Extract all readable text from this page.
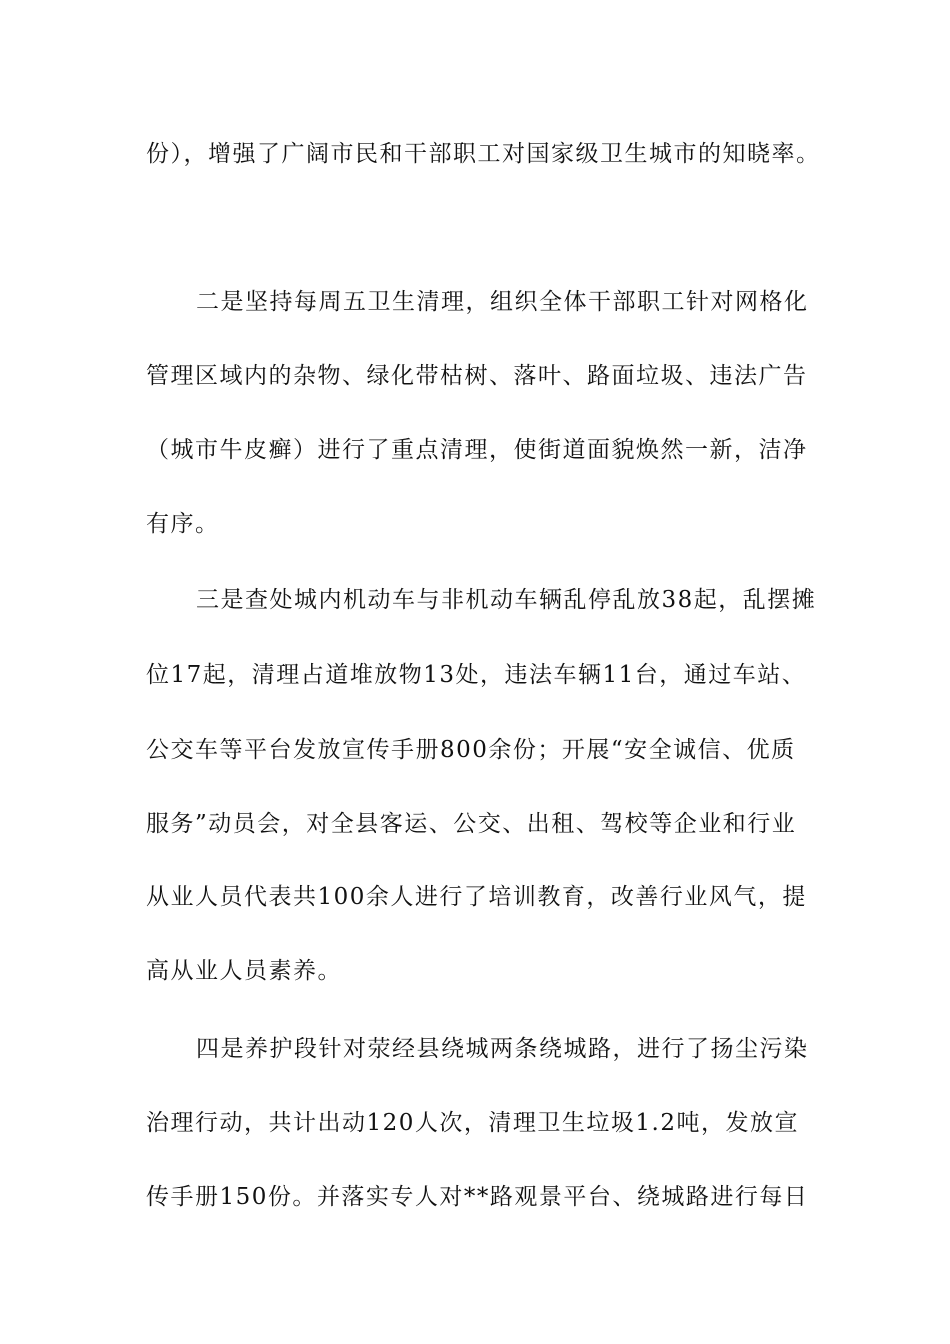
份），增强了广阔市民和干部职工对国家级卫生城市的知晓率。
二是坚持每周五卫生清理，组织全体干部职工针对网格化
管理区域内的杂物、绿化带枯树、落叶、路面垃圾、违法广告
（城市牛皮癣）进行了重点清理，使街道面貌焕然一新，洁净
有序。
三是查处城内机动车与非机动车辆乱停乱放38起，乱摆摊
位17起，清理占道堆放物13处，违法车辆11台，通过车站、
公交车等平台发放宣传手册800余份；开展“安全诚信、优质
服务”动员会，对全县客运、公交、出租、驾校等企业和行业
从业人员代表共100余人进行了培训教育，改善行业风气，提
高从业人员素养。
四是养护段针对荥经县绕城两条绕城路，进行了扬尘污染
治理行动，共计出动120人次，清理卫生垃圾1.2吨，发放宣
传手册150份。并落实专人对**路观景平台、绕城路进行每日
